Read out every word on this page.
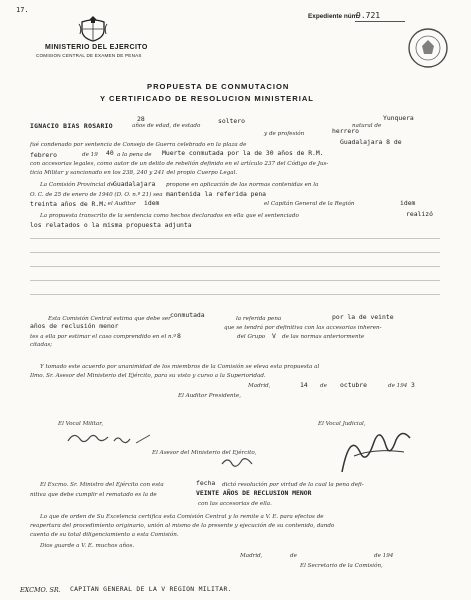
17.
MINISTERIO DEL EJERCITO
COMISION CENTRAL DE EXAMEN DE PENAS
Expediente núm.
9.721
PROPUESTA DE CONMUTACION
Y CERTIFICADO DE RESOLUCION MINISTERIAL
IGNACIO BIAS ROSARIO
28
años de edad, de estado
soltero
natural de
Yunquera
y de profesión	herrero
fué condenado por sentencia de Consejo de Guerra celebrado en la plaza de	Guadalajara 8 de
febrero	de 19 40 a la pena de Muerte conmutada por la de 30 años de R.M.
con accesorias legales, como autor de un delito de rebelión definido en el artículo 237 del Código de Jus-
ticia Militar y sancionado en los 238, 240 y 241 del propio Cuerpo Legal.
La Comisión Provincial de
Guadalajara propone en aplicación de las normas contenidas en la
O. C. de 25 de enero de 1940 (D. O. n.º 21) sea mantenida la referida pena
treinta años de R.M.
; el Auditor idem	el Capitán General de la Región	idem
La propuesta transcrito de la sentencia como hechos declarados en ella que el sentenciado	realizó
los relatados o la misma propuesta adjunta
Esta Comisión Central estima que debe ser conmutada	la referida pena	por la de veinte
años de reclusión menor	que se tendrá por definitiva con las accesorias inheren-
tes a ella por estimar el caso comprendido en el n.º 8	del Grupo V de las normas anteriormente
citadas;
Y tomado este acuerdo por unanimidad de los miembros de la Comisión se eleva esta propuesta al
Ilmo. Sr. Asesor del Ministerio del Ejército, para su visto y curso a la Superioridad.
Madrid,	14 de octubre	de 194 3
El Auditor Presidente,
El Vocal Militar,	El Vocal Judicial,
El Asesor del Ministerio del Ejército,
El Excmo. Sr. Ministro del Ejército con esta	fecha dictó resolución por virtud de la cual la pena defi-
nitiva que debe cumplir el rematado es la de	VEINTE AÑOS DE RECLUSION MENOR
con las accesorias de ella.
Lo que de orden de Su Excelencia certifica esta Comisión Central y lo remite a V. E. para efectos de
reapertura del procedimiento originario, unión al mismo de la presente y ejecución de su contenido, dando
cuenta de su total diligenciamiento a esta Comisión.
Dios guarde a V. E. muchos años.
Madrid,	de	de 194
El Secretario de la Comisión,
EXCMO. SR. CAPITAN GENERAL DE LA V REGION MILITAR.
